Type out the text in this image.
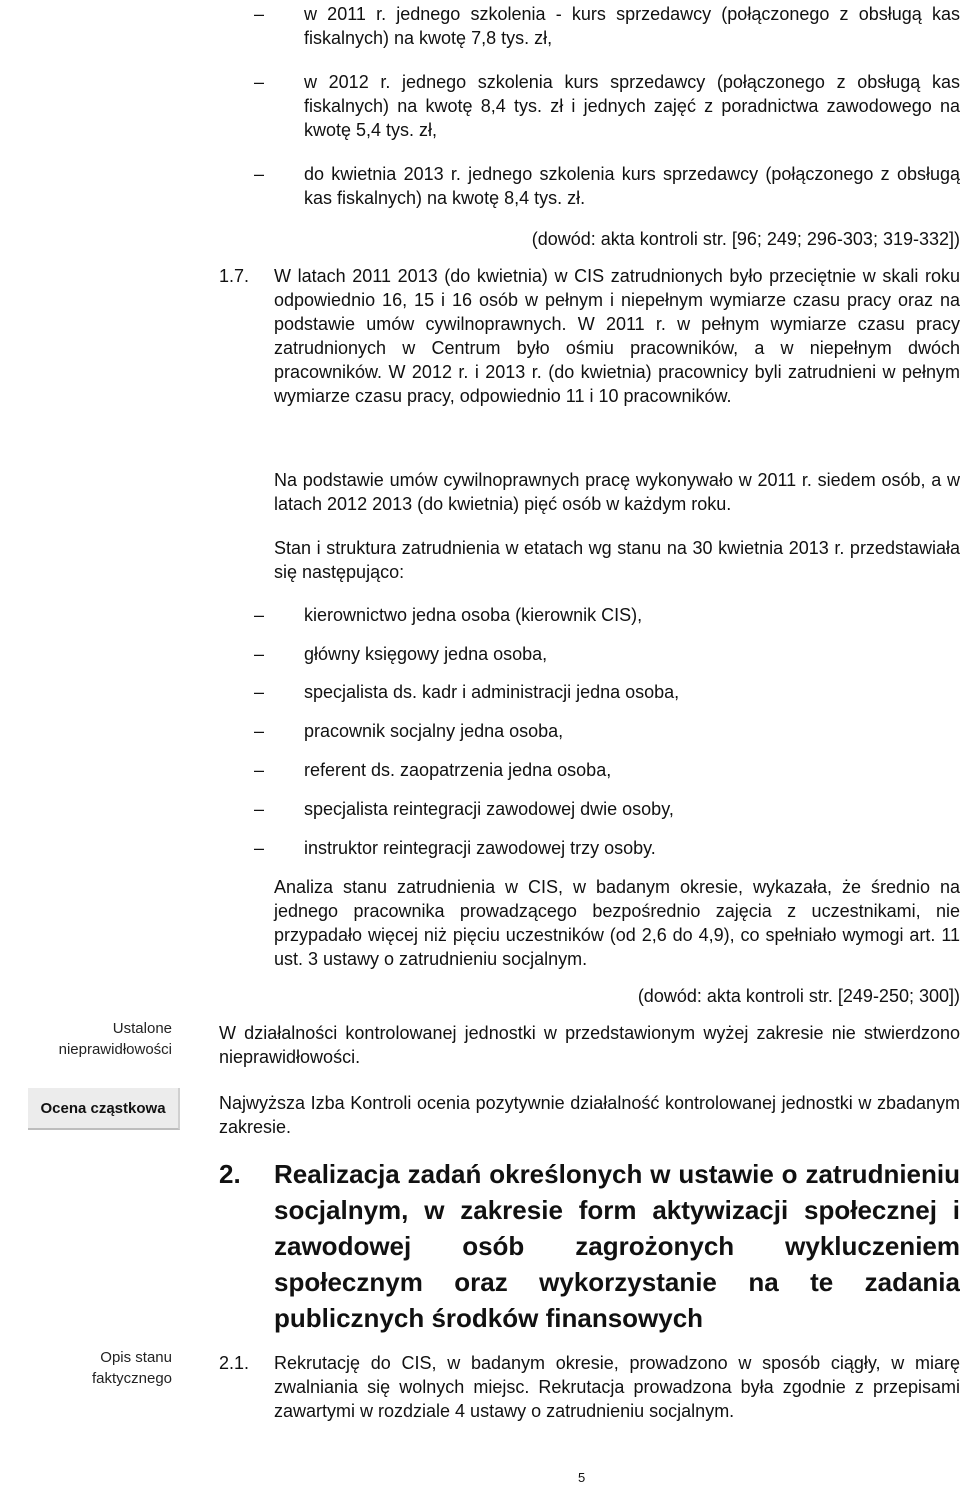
– w 2011 r. jednego szkolenia - kurs sprzedawcy (połączonego z obsługą kas fiskalnych) na kwotę 7,8 tys. zł,
– w 2012 r. jednego szkolenia kurs sprzedawcy (połączonego z obsługą kas fiskalnych) na kwotę 8,4 tys. zł i jednych zajęć z poradnictwa zawodowego na kwotę 5,4 tys. zł,
– do kwietnia 2013 r. jednego szkolenia kurs sprzedawcy (połączonego z obsługą kas fiskalnych) na kwotę 8,4 tys. zł.
(dowód: akta kontroli str. [96; 249; 296-303; 319-332])
1.7. W latach 2011 2013 (do kwietnia) w CIS zatrudnionych było przeciętnie w skali roku odpowiednio 16, 15 i 16 osób w pełnym i niepełnym wymiarze czasu pracy oraz na podstawie umów cywilnoprawnych. W 2011 r. w pełnym wymiarze czasu pracy zatrudnionych w Centrum było ośmiu pracowników, a w niepełnym dwóch pracowników. W 2012 r. i 2013 r. (do kwietnia) pracownicy byli zatrudnieni w pełnym wymiarze czasu pracy, odpowiednio 11 i 10 pracowników.
Na podstawie umów cywilnoprawnych pracę wykonywało w 2011 r. siedem osób, a w latach 2012 2013 (do kwietnia) pięć osób w każdym roku.
Stan i struktura zatrudnienia w etatach wg stanu na 30 kwietnia 2013 r. przedstawiała się następująco:
– kierownictwo jedna osoba (kierownik CIS),
– główny księgowy jedna osoba,
– specjalista ds. kadr i administracji jedna osoba,
– pracownik socjalny jedna osoba,
– referent ds. zaopatrzenia jedna osoba,
– specjalista reintegracji zawodowej dwie osoby,
– instruktor reintegracji zawodowej trzy osoby.
Analiza stanu zatrudnienia w CIS, w badanym okresie, wykazała, że średnio na jednego pracownika prowadzącego bezpośrednio zajęcia z uczestnikami, nie przypadało więcej niż pięciu uczestników (od 2,6 do 4,9), co spełniało wymogi art. 11 ust. 3 ustawy o zatrudnieniu socjalnym.
(dowód: akta kontroli str. [249-250; 300])
Ustalone nieprawidłowości
Ocena cząstkowa
Opis stanu faktycznego
W działalności kontrolowanej jednostki w przedstawionym wyżej zakresie nie stwierdzono nieprawidłowości.
Najwyższa Izba Kontroli ocenia pozytywnie działalność kontrolowanej jednostki w zbadanym zakresie.
2. Realizacja zadań określonych w ustawie o zatrudnieniu socjalnym, w zakresie form aktywizacji społecznej i zawodowej osób zagrożonych wykluczeniem społecznym oraz wykorzystanie na te zadania publicznych środków finansowych
2.1. Rekrutację do CIS, w badanym okresie, prowadzono w sposób ciągły, w miarę zwalniania się wolnych miejsc. Rekrutacja prowadzona była zgodnie z przepisami zawartymi w rozdziale 4 ustawy o zatrudnieniu socjalnym.
5
